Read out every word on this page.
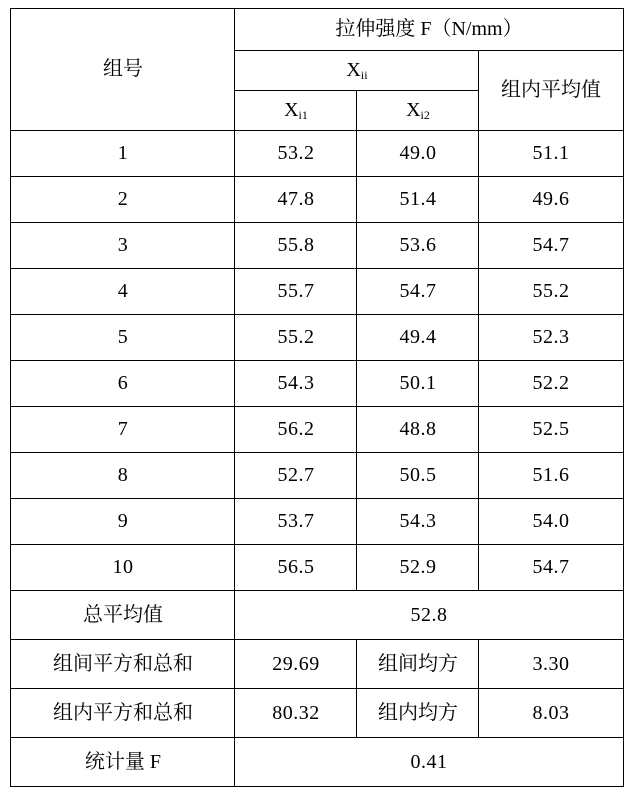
组号	拉伸强度 F（N/mm）		
	$X_{ii}$		组内平均值
	$X_{i1}$	$X_{i2}$
1	53.2	49.0	51.1
2	47.8	51.4	49.6
3	55.8	53.6	54.7
4	55.7	54.7	55.2
5	55.2	49.4	52.3
6	54.3	50.1	52.2
7	56.2	48.8	52.5
8	52.7	50.5	51.6
9	53.7	54.3	54.0
10	56.5	52.9	54.7
总平均值	52.8		
组间平方和总和	29.69	组间均方	3.30
组内平方和总和	80.32	组内均方	8.03
统计量 F	0.41		
